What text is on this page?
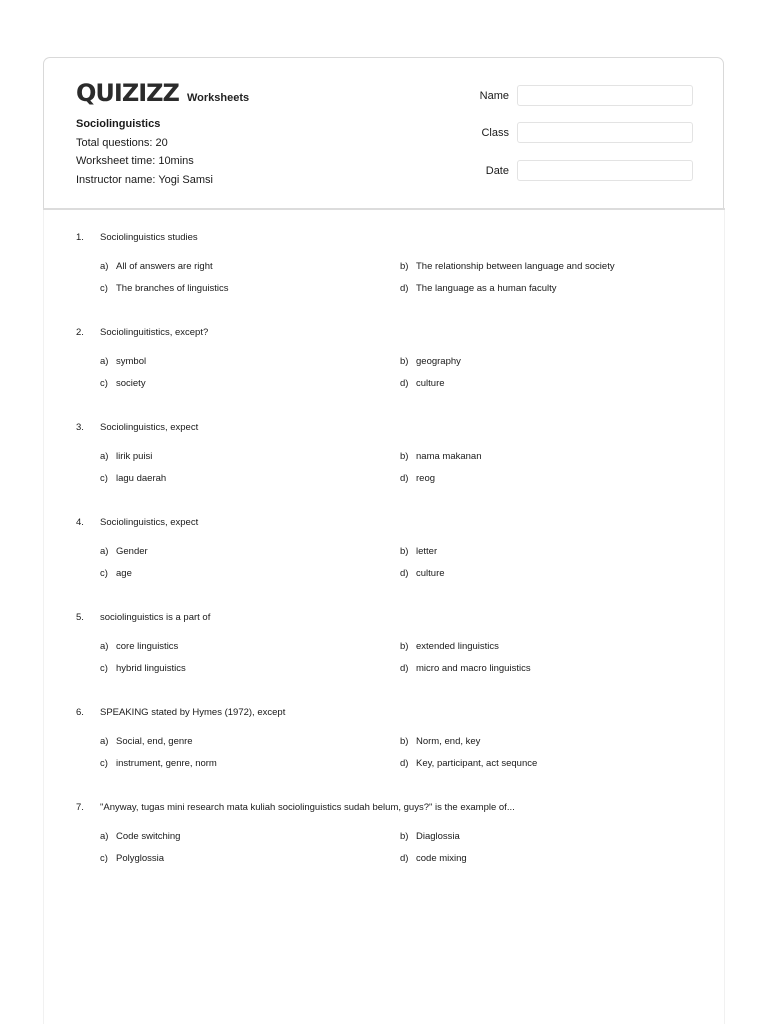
QUIZIZZ Worksheets
Sociolinguistics
Total questions: 20
Worksheet time: 10mins
Instructor name: Yogi Samsi
Name
Class
Date
1. Sociolinguistics studies
a) All of answers are right	b) The relationship between language and society
c) The branches of linguistics	d) The language as a human faculty
2. Sociolinguitistics, except?
a) symbol	b) geography
c) society	d) culture
3. Sociolinguistics, expect
a) lirik puisi	b) nama makanan
c) lagu daerah	d) reog
4. Sociolinguistics, expect
a) Gender	b) letter
c) age	d) culture
5. sociolinguistics is a part of
a) core linguistics	b) extended linguistics
c) hybrid linguistics	d) micro and macro linguistics
6. SPEAKING stated by Hymes (1972), except
a) Social, end, genre	b) Norm, end, key
c) instrument, genre, norm	d) Key, participant, act sequnce
7. "Anyway, tugas mini research mata kuliah sociolinguistics sudah belum, guys?" is the example of...
a) Code switching	b) Diaglossia
c) Polyglossia	d) code mixing
